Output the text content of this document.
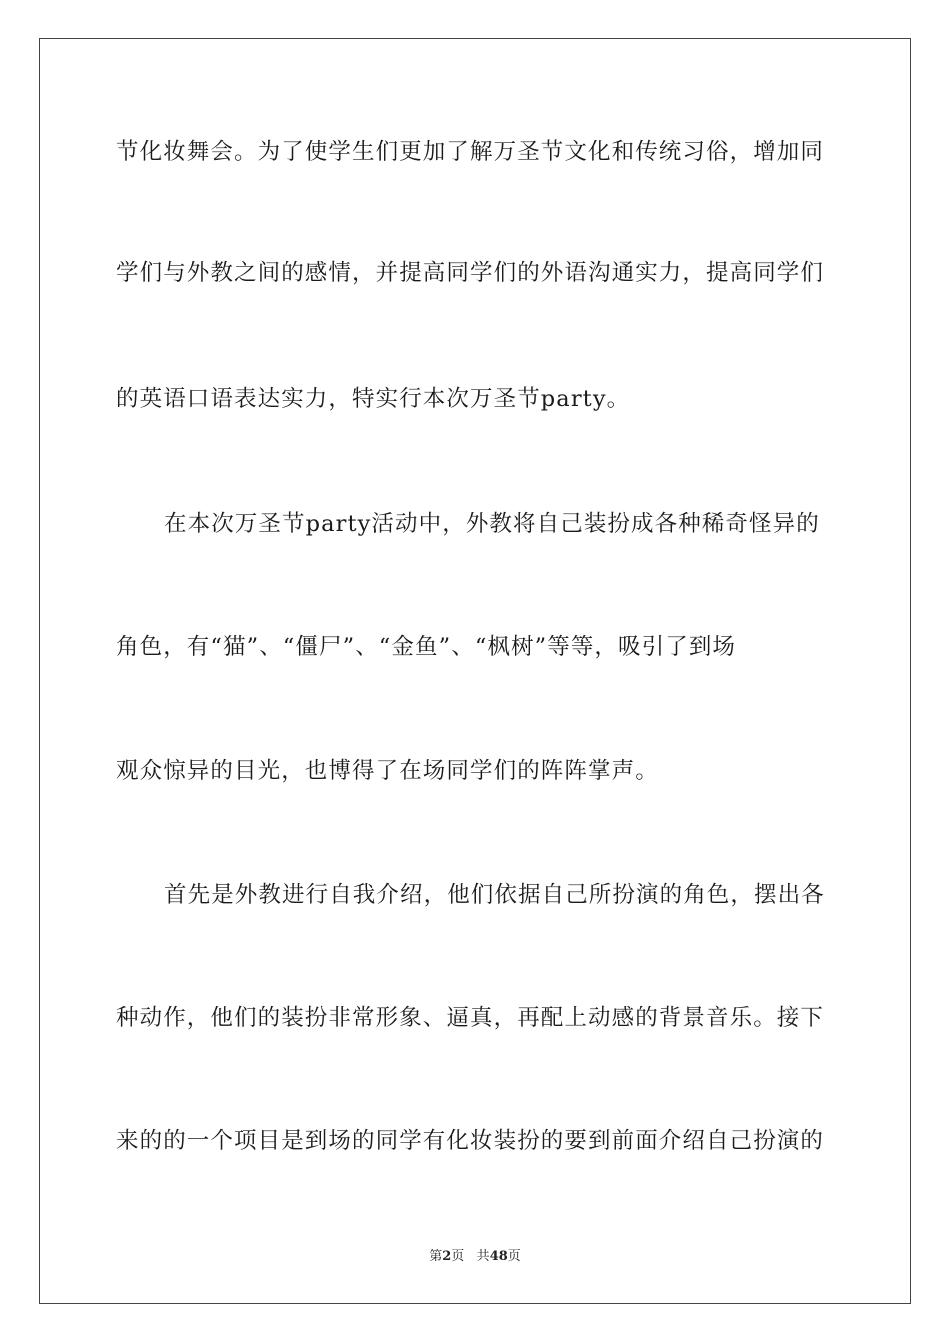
节化妆舞会。为了使学生们更加了解万圣节文化和传统习俗，增加同
学们与外教之间的感情，并提高同学们的外语沟通实力，提高同学们
的英语口语表达实力，特实行本次万圣节party。
在本次万圣节party活动中，外教将自己装扮成各种稀奇怪异的
角色，有“猫”、“僵尸”、“金鱼”、“枫树”等等，吸引了到场
观众惊异的目光，也博得了在场同学们的阵阵掌声。
首先是外教进行自我介绍，他们依据自己所扮演的角色，摆出各
种动作，他们的装扮非常形象、逼真，再配上动感的背景音乐。接下
来的的一个项目是到场的同学有化妆装扮的要到前面介绍自己扮演的
第2页 共48页
